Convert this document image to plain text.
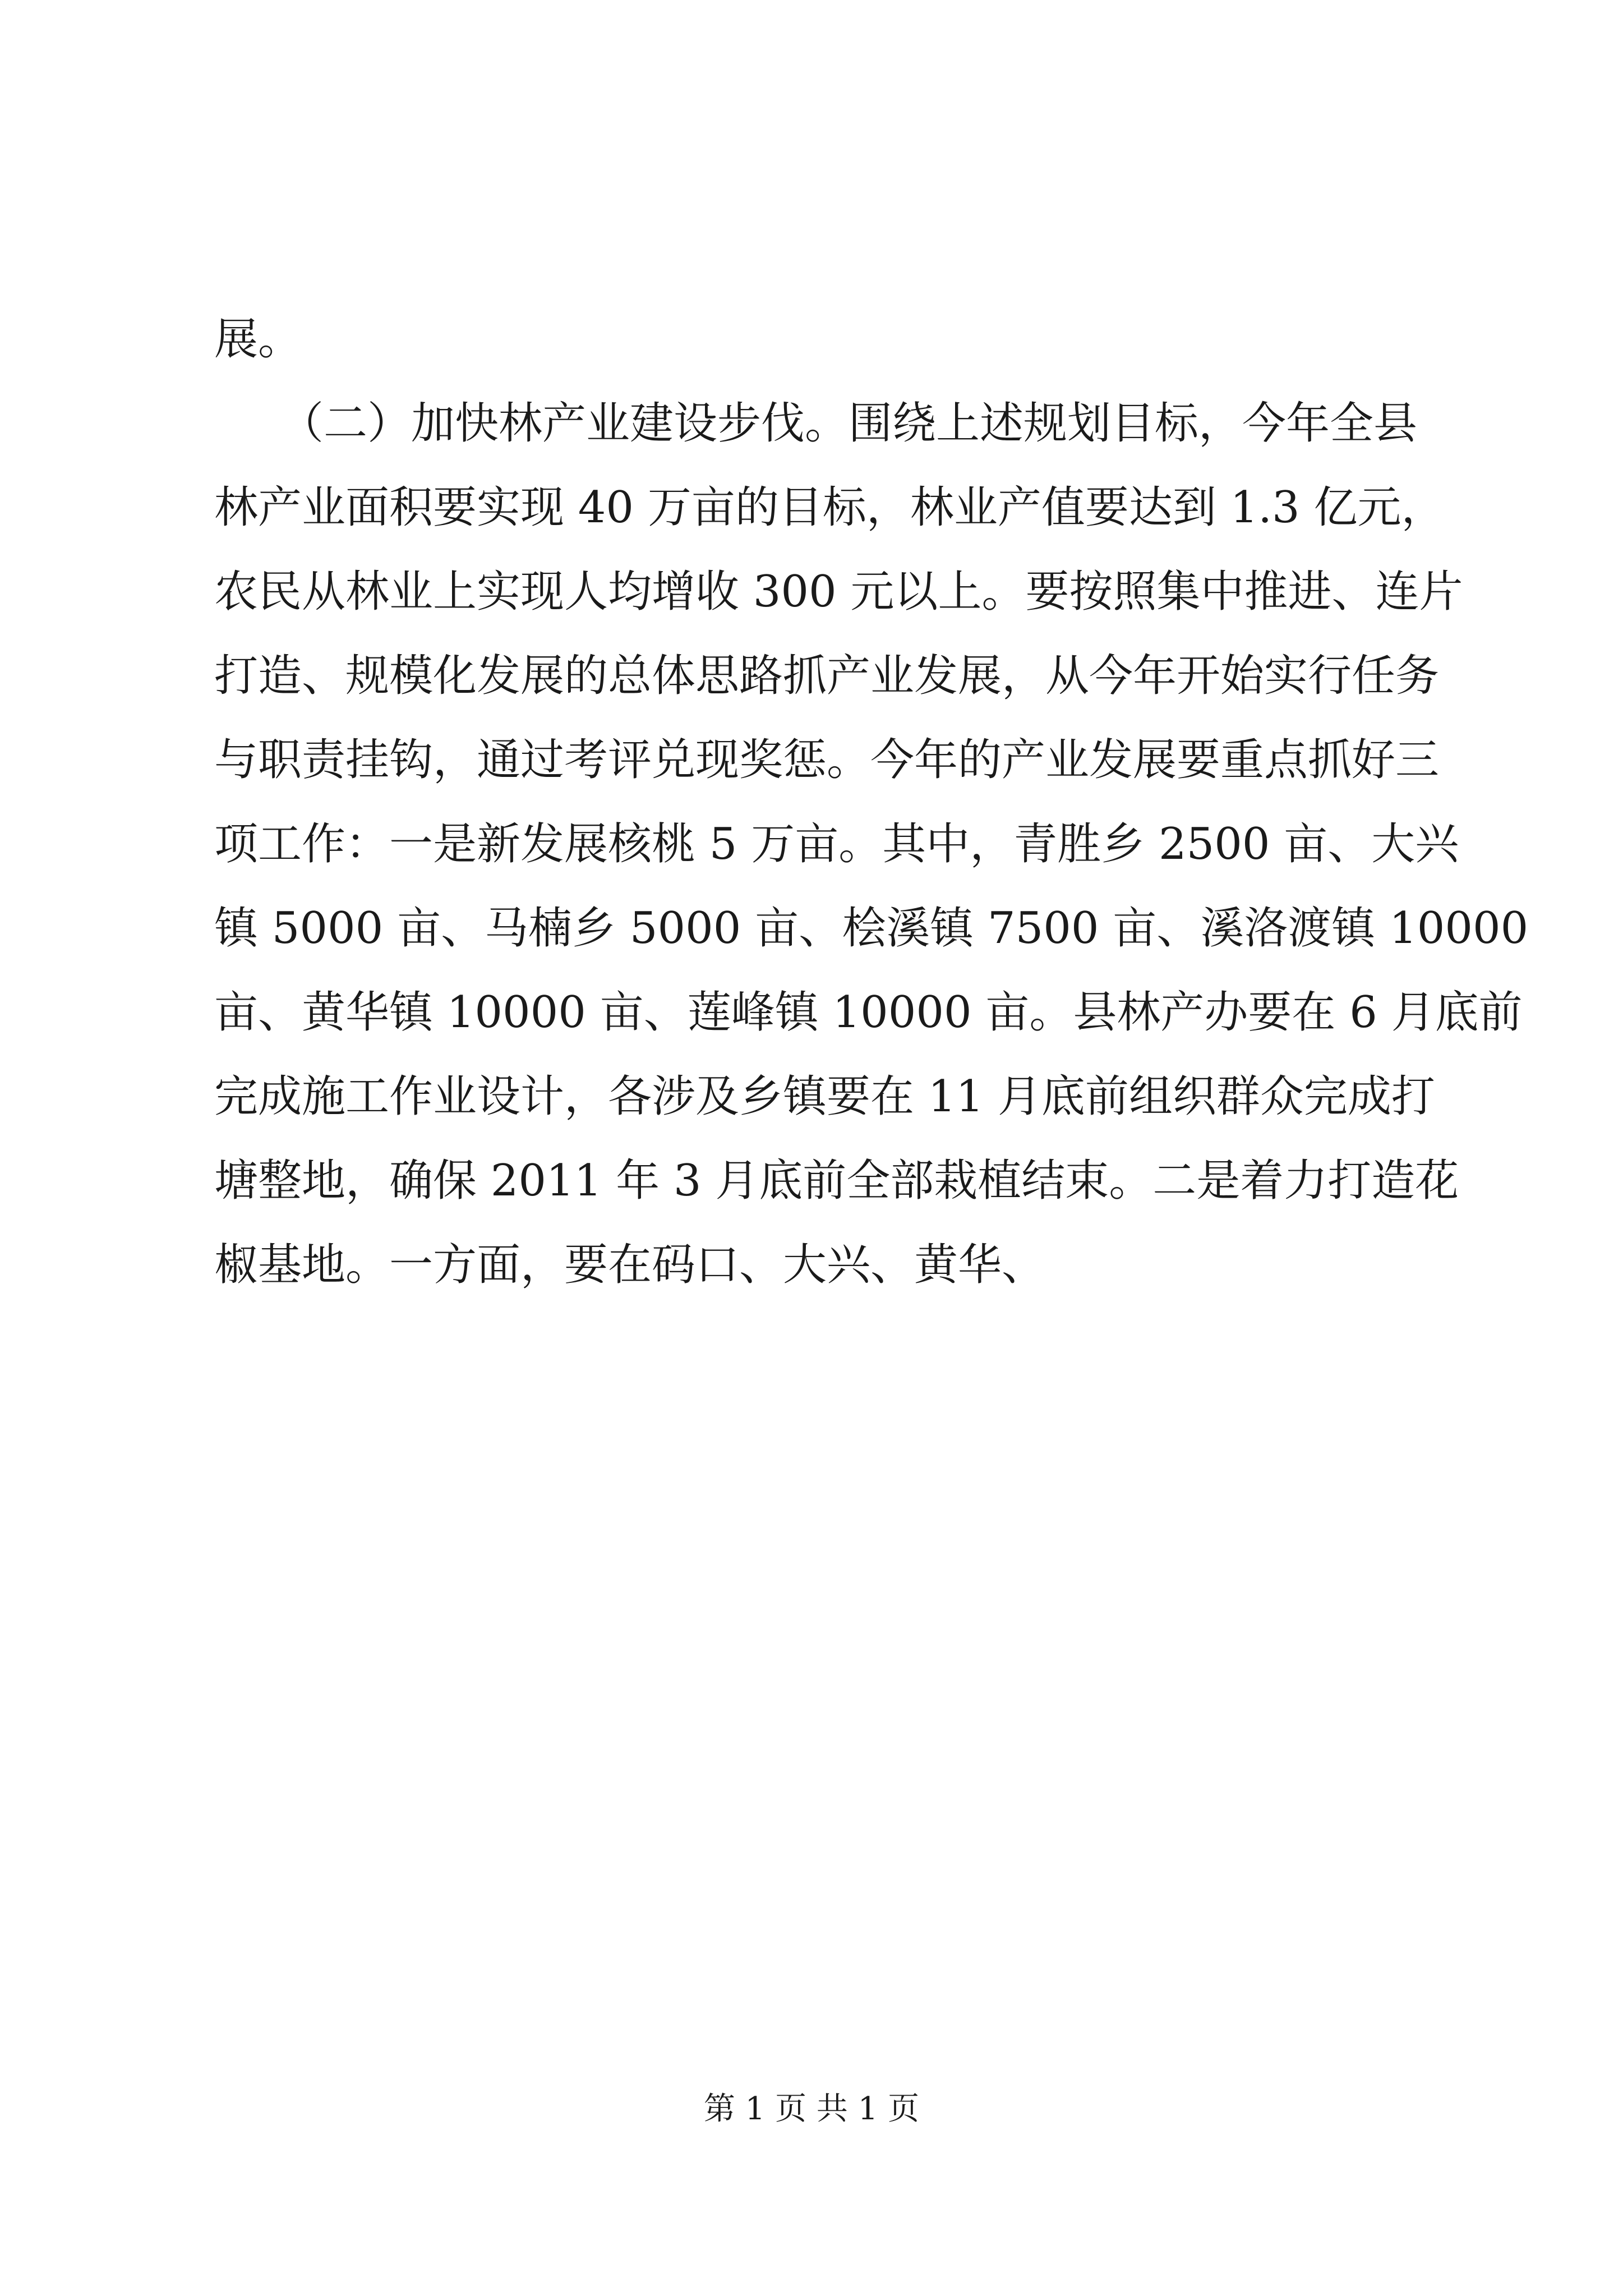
展。
　　（二）加快林产业建设步伐。围绕上述规划目标，今年全县
林产业面积要实现 40 万亩的目标，林业产值要达到 1.3 亿元，
农民从林业上实现人均增收 300 元以上。要按照集中推进、连片
打造、规模化发展的总体思路抓产业发展，从今年开始实行任务
与职责挂钩，通过考评兑现奖惩。今年的产业发展要重点抓好三
项工作：一是新发展核桃 5 万亩。其中，青胜乡 2500 亩、大兴
镇 5000 亩、马楠乡 5000 亩、桧溪镇 7500 亩、溪洛渡镇 10000
亩、黄华镇 10000 亩、莲峰镇 10000 亩。县林产办要在 6 月底前
完成施工作业设计，各涉及乡镇要在 11 月底前组织群众完成打
塘整地，确保 2011 年 3 月底前全部栽植结束。二是着力打造花
椒基地。一方面，要在码口、大兴、黄华、
第 1 页 共 1 页
